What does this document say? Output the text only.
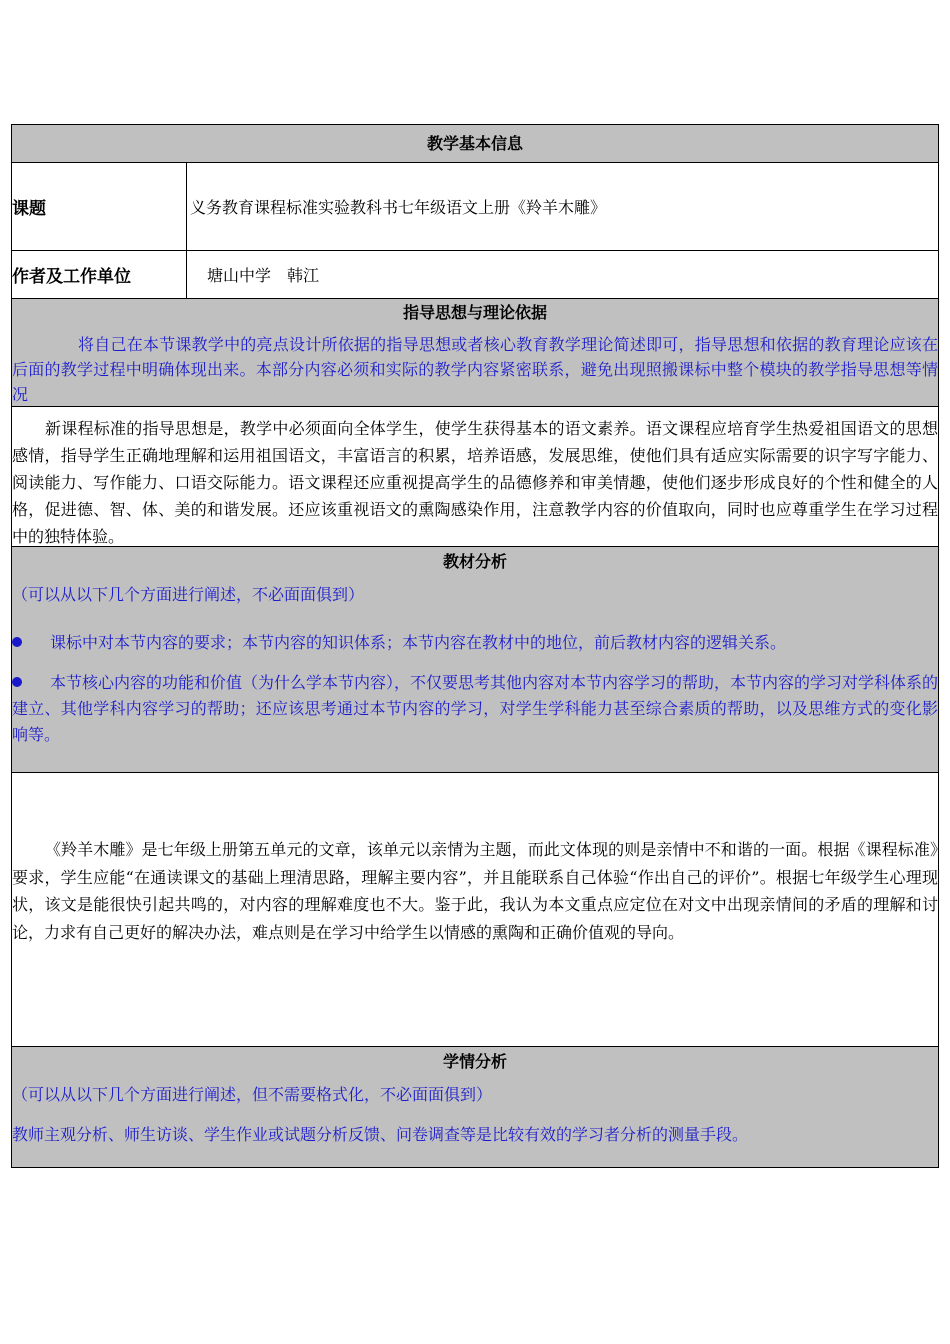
教学基本信息
课题	义务教育课程标准实验教科书七年级语文上册《羚羊木雕》
作者及工作单位	塘山中学　韩江
指导思想与理论依据
将自己在本节课教学中的亮点设计所依据的指导思想或者核心教育教学理论简述即可，指导思想和依据的教育理论应该在后面的教学过程中明确体现出来。本部分内容必须和实际的教学内容紧密联系，避免出现照搬课标中整个模块的教学指导思想等情况
新课程标准的指导思想是，教学中必须面向全体学生，使学生获得基本的语文素养。语文课程应培育学生热爱祖国语文的思想感情，指导学生正确地理解和运用祖国语文，丰富语言的积累，培养语感，发展思维，使他们具有适应实际需要的识字写字能力、阅读能力、写作能力、口语交际能力。语文课程还应重视提高学生的品德修养和审美情趣，使他们逐步形成良好的个性和健全的人格，促进德、智、体、美的和谐发展。还应该重视语文的熏陶感染作用，注意教学内容的价值取向，同时也应尊重学生在学习过程中的独特体验。
教材分析
（可以从以下几个方面进行阐述，不必面面俱到）
课标中对本节内容的要求；本节内容的知识体系；本节内容在教材中的地位，前后教材内容的逻辑关系。
本节核心内容的功能和价值（为什么学本节内容），不仅要思考其他内容对本节内容学习的帮助，本节内容的学习对学科体系的建立、其他学科内容学习的帮助；还应该思考通过本节内容的学习，对学生学科能力甚至综合素质的帮助，以及思维方式的变化影响等。
《羚羊木雕》是七年级上册第五单元的文章，该单元以亲情为主题，而此文体现的则是亲情中不和谐的一面。根据《课程标准》要求，学生应能“在通读课文的基础上理清思路，理解主要内容”，并且能联系自己体验“作出自己的评价”。根据七年级学生心理现状，该文是能很快引起共鸣的，对内容的理解难度也不大。鉴于此，我认为本文重点应定位在对文中出现亲情间的矛盾的理解和讨论，力求有自己更好的解决办法，难点则是在学习中给学生以情感的熏陶和正确价值观的导向。
学情分析
（可以从以下几个方面进行阐述，但不需要格式化，不必面面俱到）
教师主观分析、师生访谈、学生作业或试题分析反馈、问卷调查等是比较有效的学习者分析的测量手段。
